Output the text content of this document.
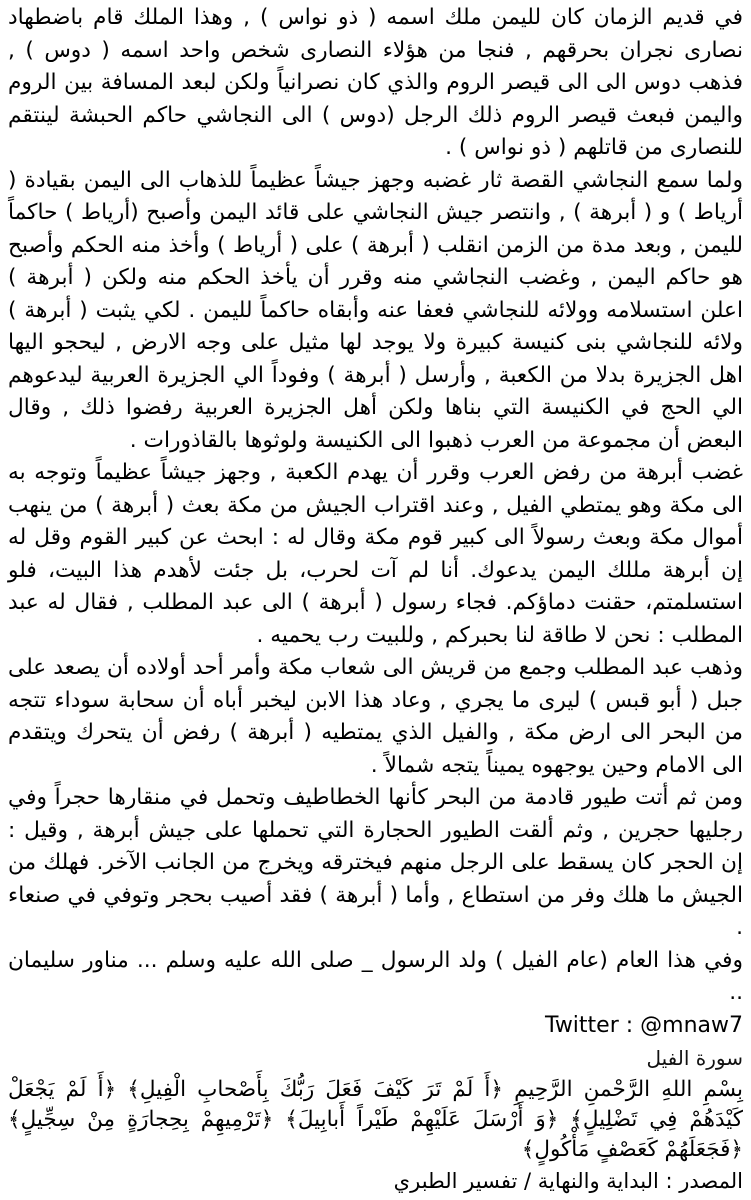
في قديم الزمان كان لليمن ملك اسمه ( ذو نواس ) , وهذا الملك قام باضطهاد نصارى نجران بحرقهم , فنجا من هؤلاء النصارى شخص واحد اسمه ( دوس ) , فذهب دوس الى الى قيصر الروم والذي كان نصرانياً ولكن لبعد المسافة بين الروم واليمن فبعث قيصر الروم ذلك الرجل (دوس ) الى النجاشي حاكم الحبشة لينتقم للنصارى من قاتلهم ( ذو نواس ) .

ولما سمع النجاشي القصة ثار غضبه وجهز جيشاً عظيماً للذهاب الى اليمن بقيادة ( أرياط ) و ( أبرهة ) , وانتصر جيش النجاشي على قائد اليمن وأصبح (أرياط ) حاكماً لليمن , وبعد مدة من الزمن انقلب ( أبرهة ) على ( أرياط ) وأخذ منه الحكم وأصبح هو حاكم اليمن , وغضب النجاشي منه وقرر أن يأخذ الحكم منه ولكن ( أبرهة ) اعلن استسلامه وولائه للنجاشي فعفا عنه وأبقاه حاكماً لليمن . لكي يثبت ( أبرهة ) ولائه للنجاشي بنى كنيسة كبيرة ولا يوجد لها مثيل على وجه الارض , ليحجو اليها اهل الجزيرة بدلا من الكعبة , وأرسل ( أبرهة ) وفوداً الي الجزيرة العربية ليدعوهم الي الحج في الكنيسة التي بناها ولكن أهل الجزيرة العربية رفضوا ذلك , وقال البعض أن مجموعة من العرب ذهبوا الى الكنيسة ولوثوها بالقاذورات .

غضب أبرهة من رفض العرب وقرر أن يهدم الكعبة , وجهز جيشاً عظيماً وتوجه به الى مكة وهو يمتطي الفيل , وعند اقتراب الجيش من مكة بعث ( أبرهة ) من ينهب أموال مكة وبعث رسولاً الى كبير قوم مكة وقال له : ابحث عن كبير القوم وقل له إن أبرهة مللك اليمن يدعوك. أنا لم آت لحرب، بل جئت لأهدم هذا البيت، فلو استسلمتم، حقنت دماؤكم. فجاء رسول ( أبرهة ) الى عبد المطلب , فقال له عبد المطلب : نحن لا طاقة لنا بحبركم , وللبيت رب يحميه .

وذهب عبد المطلب وجمع من قريش الى شعاب مكة وأمر أحد أولاده أن يصعد على جبل ( أبو قبس ) ليرى ما يجري , وعاد هذا الابن ليخبر أباه أن سحابة سوداء تتجه من البحر الى ارض مكة , والفيل الذي يمتطيه ( أبرهة ) رفض أن يتحرك ويتقدم الى الامام وحين يوجهوه يميناً يتجه شمالاً .

ومن ثم أتت طيور قادمة من البحر كأنها الخطاطيف وتحمل في منقارها حجراً وفي رجليها حجرين , وثم ألقت الطيور الحجارة التي تحملها على جيش أبرهة , وقيل : إن الحجر كان يسقط على الرجل منهم فيخترقه ويخرج من الجانب الآخر. فهلك من الجيش ما هلك وفر من استطاع , وأما ( أبرهة ) فقد أصيب بحجر وتوفي في صنعاء .

وفي هذا العام (عام الفيل ) ولد الرسول _ صلى الله عليه وسلم ... مناور سليمان ..

Twitter : @mnaw7

سورة الفيل

بِسْمِ اللهِ الرَّحْمنِ الرَّحِيمِ ﴿أَ لَمْ تَرَ كَيْفَ فَعَلَ رَبُّكَ بِأَصْحابِ الْفِيلِ﴾ ﴿أَ لَمْ يَجْعَلْ كَيْدَهُمْ فِي تَضْلِيلٍ﴾ ﴿وَ أَرْسَلَ عَلَيْهِمْ طَيْراً أَبابِيلَ﴾ ﴿تَرْمِيهِمْ بِحِجارَةٍ مِنْ سِجِّيلٍ﴾ ﴿فَجَعَلَهُمْ كَعَصْفٍ مَأْكُولٍ﴾

المصدر : البداية والنهاية / تفسير الطبري
